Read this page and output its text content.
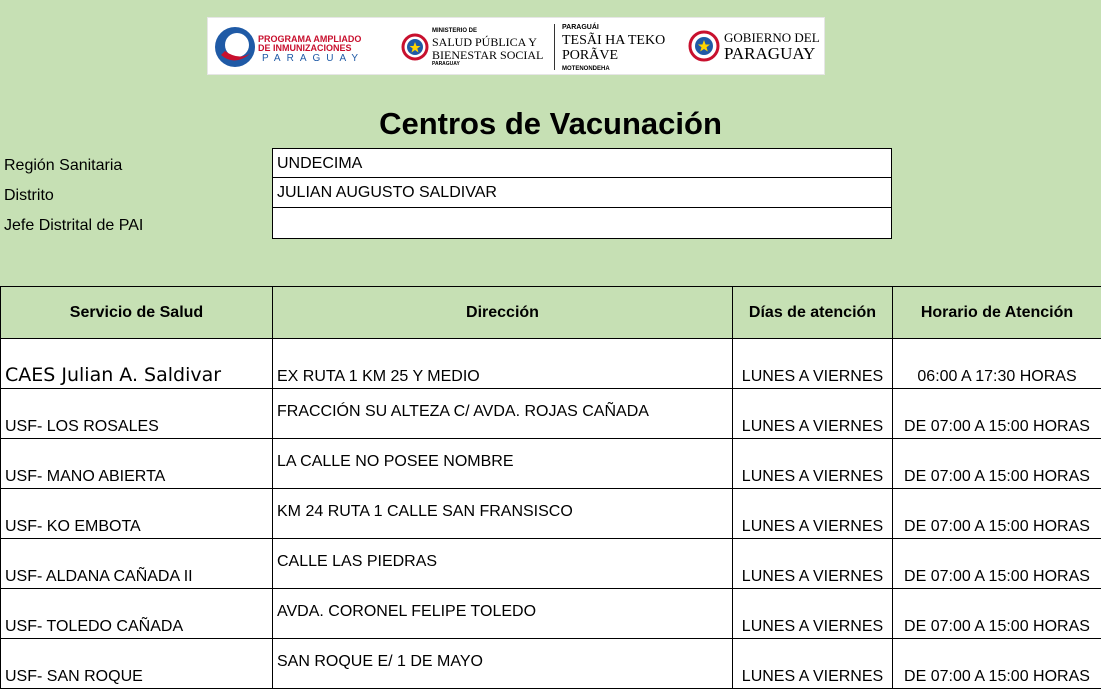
PROGRAMA AMPLIADO
DE INMUNIZACIONES
PARAGUAY
MINISTERIO DE
SALUD PÚBLICA Y
BIENESTAR SOCIAL
PARAGUAY
PARAGUÁI
TESÃI HA TEKO
PORÃVE
MOTENONDEHA
GOBIERNO DEL
PARAGUAY
Centros de Vacunación
Región Sanitaria	UNDECIMA
Distrito	JULIAN AUGUSTO SALDIVAR
Jefe Distrital de PAI
Servicio de Salud	Dirección	Días de atención	Horario de Atención
CAES Julian A. Saldivar	EX RUTA 1 KM 25 Y MEDIO	LUNES A VIERNES	06:00 A 17:30 HORAS
USF- LOS ROSALES	FRACCIÓN SU ALTEZA C/ AVDA. ROJAS CAÑADA	LUNES A VIERNES	DE 07:00 A 15:00 HORAS
USF- MANO ABIERTA	LA CALLE NO POSEE NOMBRE	LUNES A VIERNES	DE 07:00 A 15:00 HORAS
USF- KO EMBOTA	KM 24 RUTA 1 CALLE SAN FRANSISCO	LUNES A VIERNES	DE 07:00 A 15:00 HORAS
USF- ALDANA CAÑADA II	CALLE LAS PIEDRAS	LUNES A VIERNES	DE 07:00 A 15:00 HORAS
USF- TOLEDO CAÑADA	AVDA. CORONEL FELIPE TOLEDO	LUNES A VIERNES	DE 07:00 A 15:00 HORAS
USF- SAN ROQUE	SAN ROQUE E/ 1 DE MAYO	LUNES A VIERNES	DE 07:00 A 15:00 HORAS
